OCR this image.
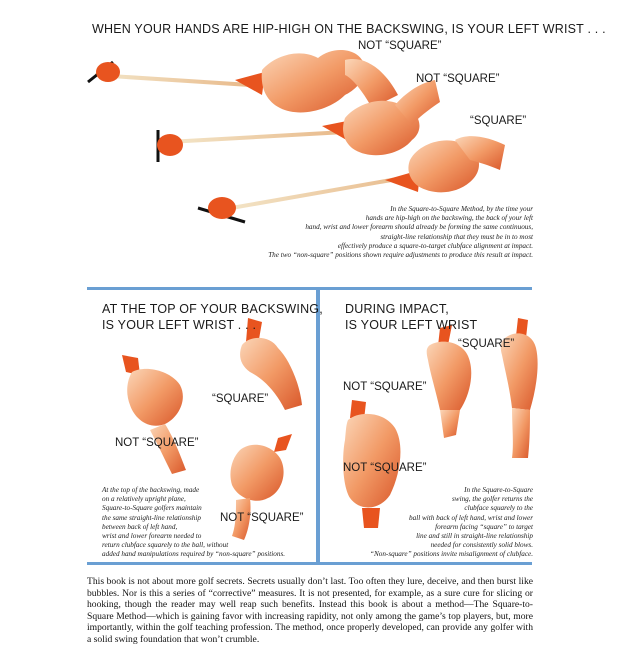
WHEN YOUR HANDS ARE HIP-HIGH ON THE BACKSWING, IS YOUR LEFT WRIST . . .
NOT “SQUARE”
NOT “SQUARE”
“SQUARE”
In the Square-to-Square Method, by the time your
hands are hip-high on the backswing, the back of your left
hand, wrist and lower forearm should already be forming the same continuous,
straight-line relationship that they must be in to most
effectively produce a square-to-target clubface alignment at impact.
The two “non-square” positions shown require adjustments to produce this result at impact.
AT THE TOP OF YOUR BACKSWING,
IS YOUR LEFT WRIST . . .
“SQUARE”
NOT “SQUARE”
NOT “SQUARE”
At the top of the backswing, made
on a relatively upright plane,
Square-to-Square golfers maintain
the same straight-line relationship
between back of left hand,
wrist and lower forearm needed to
return clubface squarely to the ball, without
added hand manipulations required by “non-square” positions.
DURING IMPACT,
IS YOUR LEFT WRIST
“SQUARE”
NOT “SQUARE”
NOT “SQUARE”
In the Square-to-Square
swing, the golfer returns the
clubface squarely to the
ball with back of left hand, wrist and lower
forearm facing “square” to target
line and still in straight-line relationship
needed for consistently solid blows.
“Non-square” positions invite misalignment of clubface.
This book is not about more golf secrets. Secrets usually don’t last. Too often they lure, deceive, and then burst like bubbles. Nor is this a series of “corrective” measures. It is not presented, for example, as a sure cure for slicing or hooking, though the reader may well reap such benefits. Instead this book is about a method—The Square-to-Square Method—which is gaining favor with increasing rapidity, not only among the game’s top players, but, more importantly, within the golf teaching profession. The method, once properly developed, can provide any golfer with a solid swing foundation that won’t crumble.
